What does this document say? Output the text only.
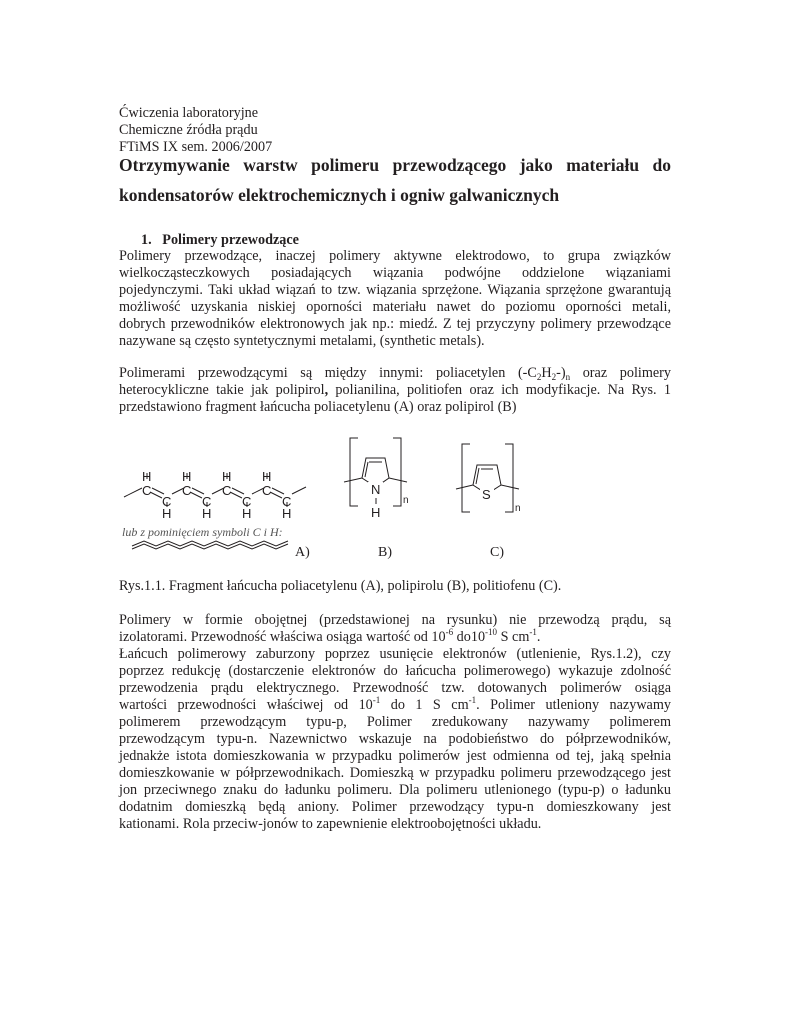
Ćwiczenia laboratoryjne
Chemiczne źródła prądu
FTiMS IX sem. 2006/2007
Otrzymywanie warstw polimeru przewodzącego jako materiału do
kondensatorów elektrochemicznych i ogniw galwanicznych
1. Polimery przewodzące
Polimery przewodzące, inaczej polimery aktywne elektrodowo, to grupa związków
wielkocząsteczkowych posiadających wiązania podwójne oddzielone wiązaniami
pojedynczymi. Taki układ wiązań to tzw. wiązania sprzężone. Wiązania sprzężone gwarantują
możliwość uzyskania niskiej oporności materiału nawet do poziomu oporności metali,
dobrych przewodników elektronowych jak np.: miedź. Z tej przyczyny polimery przewodzące
nazywane są często syntetycznymi metalami, (synthetic metals).
Polimerami przewodzącymi są między innymi: poliacetylen $(-C_2H_2-)_n$ oraz polimery
heterocykliczne takie jak polipirol, polianilina, politiofen oraz ich modyfikacje. Na Rys. 1
przedstawiono fragment łańcucha poliacetylenu (A) oraz polipirol (B)
H H H H
C
C
C
C
C
C
C
C
H H H H
N
H
n	S
n
lub z pominięciem symboli C i H:
A)	B)	C)
Rys.1.1. Fragment łańcucha poliacetylenu (A), polipirolu (B), politiofenu (C).
Polimery w formie obojętnej (przedstawionej na rysunku) nie przewodzą prądu, są
izolatorami. Przewodność właściwa osiąga wartość od $10^{-6}$ $do10^{-10}$ S $cm^{-1}$.
Łańcuch polimerowy zaburzony poprzez usunięcie elektronów (utlenienie, Rys.1.2), czy
poprzez redukcję (dostarczenie elektronów do łańcucha polimerowego) wykazuje zdolność
przewodzenia prądu elektrycznego. Przewodność tzw. dotowanych polimerów osiąga
wartości przewodności właściwej od $10^{-1}$ do 1 S $cm^{-1}$. Polimer utleniony nazywamy
polimerem przewodzącym typu-p, Polimer zredukowany nazywamy polimerem
przewodzącym typu-n. Nazewnictwo wskazuje na podobieństwo do półprzewodników,
jednakże istota domieszkowania w przypadku polimerów jest odmienna od tej, jaką spełnia
domieszkowanie w półprzewodnikach. Domieszką w przypadku polimeru przewodzącego jest
jon przeciwnego znaku do ładunku polimeru. Dla polimeru utlenionego (typu-p) o ładunku
dodatnim domieszką będą aniony. Polimer przewodzący typu-n domieszkowany jest
kationami. Rola przeciw-jonów to zapewnienie elektroobojętności układu.
